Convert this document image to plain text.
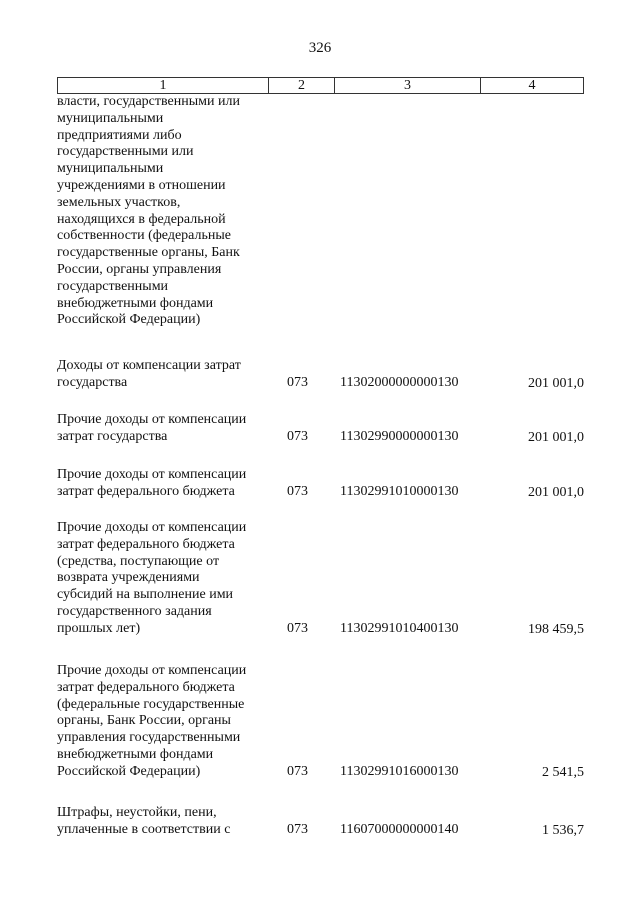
326
1	2	3	4
власти, государственными или
муниципальными
предприятиями либо
государственными или
муниципальными
учреждениями в отношении
земельных участков,
находящихся в федеральной
собственности (федеральные
государственные органы, Банк
России, органы управления
государственными
внебюджетными фондами
Российской Федерации)
Доходы от компенсации затрат
государства	073	11302000000000130	201 001,0
Прочие доходы от компенсации
затрат государства	073	11302990000000130	201 001,0
Прочие доходы от компенсации
затрат федерального бюджета	073	11302991010000130	201 001,0
Прочие доходы от компенсации
затрат федерального бюджета
(средства, поступающие от
возврата учреждениями
субсидий на выполнение ими
государственного задания
прошлых лет)	073	11302991010400130	198 459,5
Прочие доходы от компенсации
затрат федерального бюджета
(федеральные государственные
органы, Банк России, органы
управления государственными
внебюджетными фондами
Российской Федерации)	073	11302991016000130	2 541,5
Штрафы, неустойки, пени,
уплаченные в соответствии с	073	11607000000000140	1 536,7
